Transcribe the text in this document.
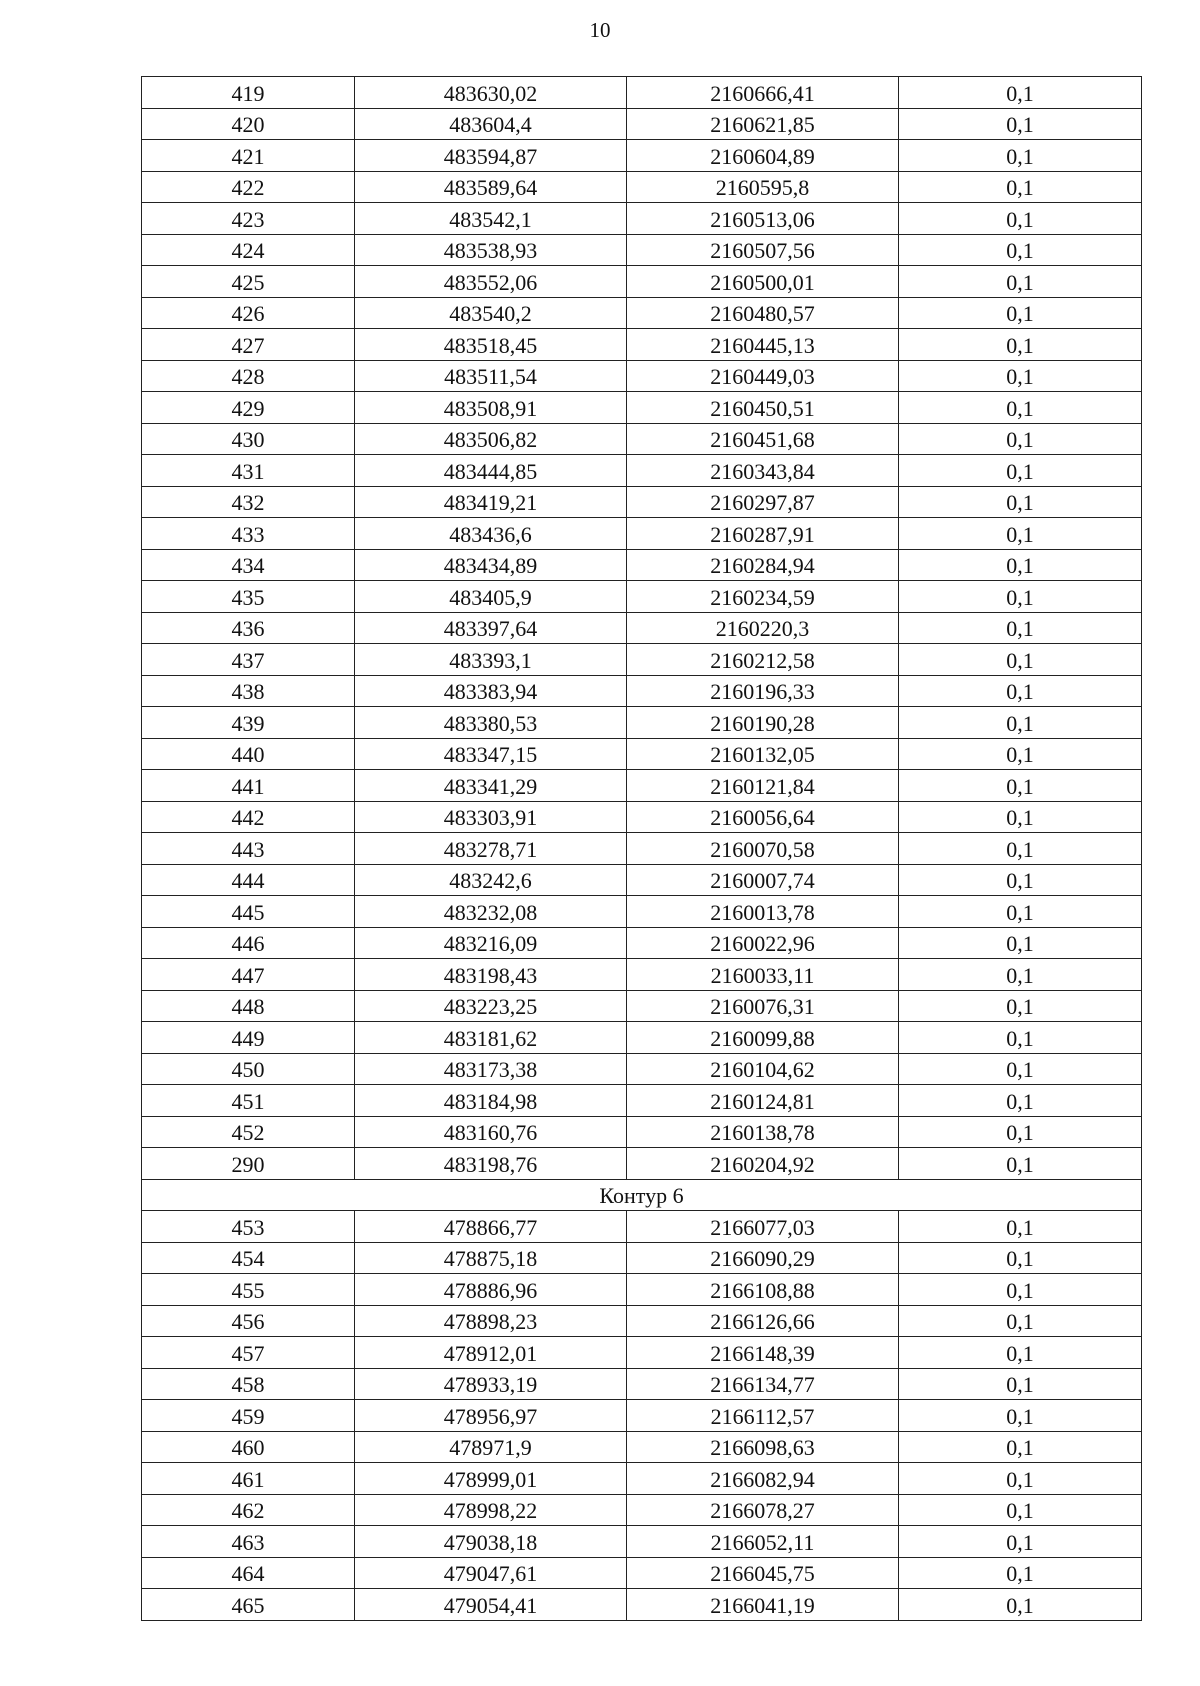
10
419	483630,02	2160666,41	0,1
420	483604,4	2160621,85	0,1
421	483594,87	2160604,89	0,1
422	483589,64	2160595,8	0,1
423	483542,1	2160513,06	0,1
424	483538,93	2160507,56	0,1
425	483552,06	2160500,01	0,1
426	483540,2	2160480,57	0,1
427	483518,45	2160445,13	0,1
428	483511,54	2160449,03	0,1
429	483508,91	2160450,51	0,1
430	483506,82	2160451,68	0,1
431	483444,85	2160343,84	0,1
432	483419,21	2160297,87	0,1
433	483436,6	2160287,91	0,1
434	483434,89	2160284,94	0,1
435	483405,9	2160234,59	0,1
436	483397,64	2160220,3	0,1
437	483393,1	2160212,58	0,1
438	483383,94	2160196,33	0,1
439	483380,53	2160190,28	0,1
440	483347,15	2160132,05	0,1
441	483341,29	2160121,84	0,1
442	483303,91	2160056,64	0,1
443	483278,71	2160070,58	0,1
444	483242,6	2160007,74	0,1
445	483232,08	2160013,78	0,1
446	483216,09	2160022,96	0,1
447	483198,43	2160033,11	0,1
448	483223,25	2160076,31	0,1
449	483181,62	2160099,88	0,1
450	483173,38	2160104,62	0,1
451	483184,98	2160124,81	0,1
452	483160,76	2160138,78	0,1
290	483198,76	2160204,92	0,1
Контур 6			
453	478866,77	2166077,03	0,1
454	478875,18	2166090,29	0,1
455	478886,96	2166108,88	0,1
456	478898,23	2166126,66	0,1
457	478912,01	2166148,39	0,1
458	478933,19	2166134,77	0,1
459	478956,97	2166112,57	0,1
460	478971,9	2166098,63	0,1
461	478999,01	2166082,94	0,1
462	478998,22	2166078,27	0,1
463	479038,18	2166052,11	0,1
464	479047,61	2166045,75	0,1
465	479054,41	2166041,19	0,1
